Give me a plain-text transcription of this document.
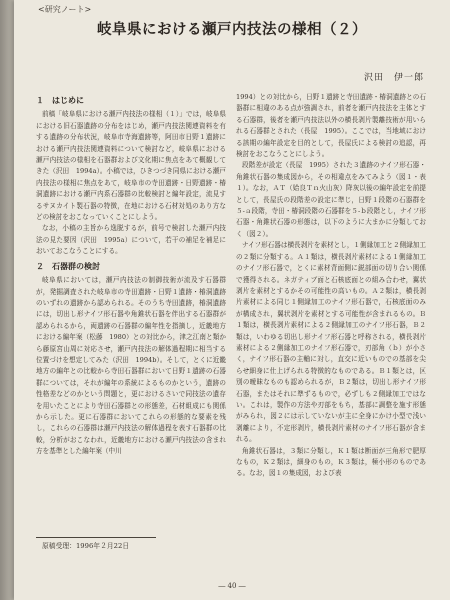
<研究ノート>
岐阜県における瀬戸内技法の様相（２）
沢田　伊一郎
１　はじめに

前稿「岐阜県における瀬戸内技法の様相（１）」では，岐阜県における旧石器遺跡の分布をはじめ，瀬戸内技法関連資料を有する遺跡の分布状況，岐阜市寺海遺跡等，阿田市日野１遺跡における瀬戸内技法関連資料について検討など，岐阜県における瀬戸内技法の様相を石器群および文化期に焦点をあて概観してきた（沢田　1994a）。小稿では，ひきつづき同県における瀬戸内技法の様相に焦点をあて，岐阜市の寺田遺跡・日野遺跡・椿洞遺跡における瀬戸内系石器群の比較検討と編年設定，流見するサヌカイト製石器の特徴，在地における石材対処のあり方などの検討をおこなっていくことにしよう。

なお，小稿の主旨から逸脱するが，前号で検討した瀬戸内技法の見た要因（沢田　1995a）について，若干の補足を補足においておこなうことにする。

２　石器群の検討

岐阜県においては，瀬戸内技法の制御技術が流及す石器群が，発掘調査された岐阜市の寺田遺跡・日野１遺跡・椿洞遺跡のいずれの遺跡から認められる。そのうち寺田遺跡，椿洞遺跡には，切出し形ナイフ形石器や角錐状石器を伴出する石器群が認められるから，両遺跡の石器群の編年性を指摘し，近畿地方における編年案（松藤　1980）との対比から，津之江南と類から藤原宮山周に対応させ，瀬戸内技法の解体過程期に相当する位置づけを想定してみた（沢田　1994b）。そして，とくに近畿地方の編年との比較から寺田石器群において日野１遺跡の石器群については，それが編年の系統によるものかという，遺跡の性格差などのかという問題と，更におけるさいで同技法の遺存を用いたことにより寺田石器群との形態差，石材組成にも関係から示した。更に石器群においてこれらの形態的な要素を残し，これらの石器群は瀬戸内技法の解体過程を表す石器群の比較，分析がおこなわれ，近畿地方における瀬戸内技法の含まれ方を基準とした編年案（中川

1994）との対比から，日野１遺跡と寺田遺跡・椿洞遺跡との石器群に相違のある点が強調され，前者を瀬戸内技法を主体とする石器群，後者を瀬戸内技法以外の横長剥片製離技術が用いられる石器群とされた（長屋　1995）。ここでは，当地域における該期の編年設定を目的として，長屋氏による検討の追認，再検討をおこなうことにしよう。

段階差が設定（長屋　1995）された３遺跡のナイフ形石器・角錐状石器の集成図から，その相違点をみてみよう（図１・表１）。なお，ＡＴ（姶良Ｔｎ火山灰）降灰以後の編年設定を前提として，長屋氏の段階差の設定に準じ，日野１段階の石器群を５-ａ段階，寺田・椿洞段階の石器群を５-ｂ段階とし，ナイフ形石器・角錐状石器の形態は，以下のように大まかに分類しておく（図２）。

ナイフ形石器は横長剥片を素材とし，１側縁加工と２側縁加工の２類に分類する。Ａ１類は，横長剥片素材による１側縁加工のナイフ形石器で，とくに素材背面側に鋭部面の切り合い関係で獲得される。ネガティブ面と石核底面との組み合わせ，翼状剥片を素材とするかその可能性の高いもの。Ａ２類は，横長剥片素材による同じ１側縁加工のナイフ形石器で，石核底面のみが構成され，翼状剥片を素材とする可能性が含まれるもの。Ｂ１類は，横長剥片素材による２側縁加工のナイフ形石器，Ｂ２類は，いわゆる切出し形ナイフ形石器と呼称される，横長剥片素材による２側縁加工のナイフ形石器で，刃部角（ｂ）が小さく，ナイフ形石器の主軸に対し，直交に近いものでの基部を尖らせ細身に仕上げられる特徴的なものである。Ｂ１類とは，区別の曖昧なものも認められるが，Ｂ２類は，切出し形ナイフ形石器，またはそれに準ずるもので，必ずしも２側縁加工ではない。これは，製作の方法や刃部をもち，基部に調整を施す形態がみられ，図２には示していないが主に全身にかけ小型で浅い剥離により，不定形剥片，横長剥片素材のナイフ形石器が含まれる。

角錐状石器は，３類に分類し，Ｋ１類は断面が三角形で肥厚なもの，Ｋ２類は，細身のもの，Ｋ３類は，極小形のものである。なお，図１の集成図，および表

原稿受理：1996年２月22日
― 40 ―
